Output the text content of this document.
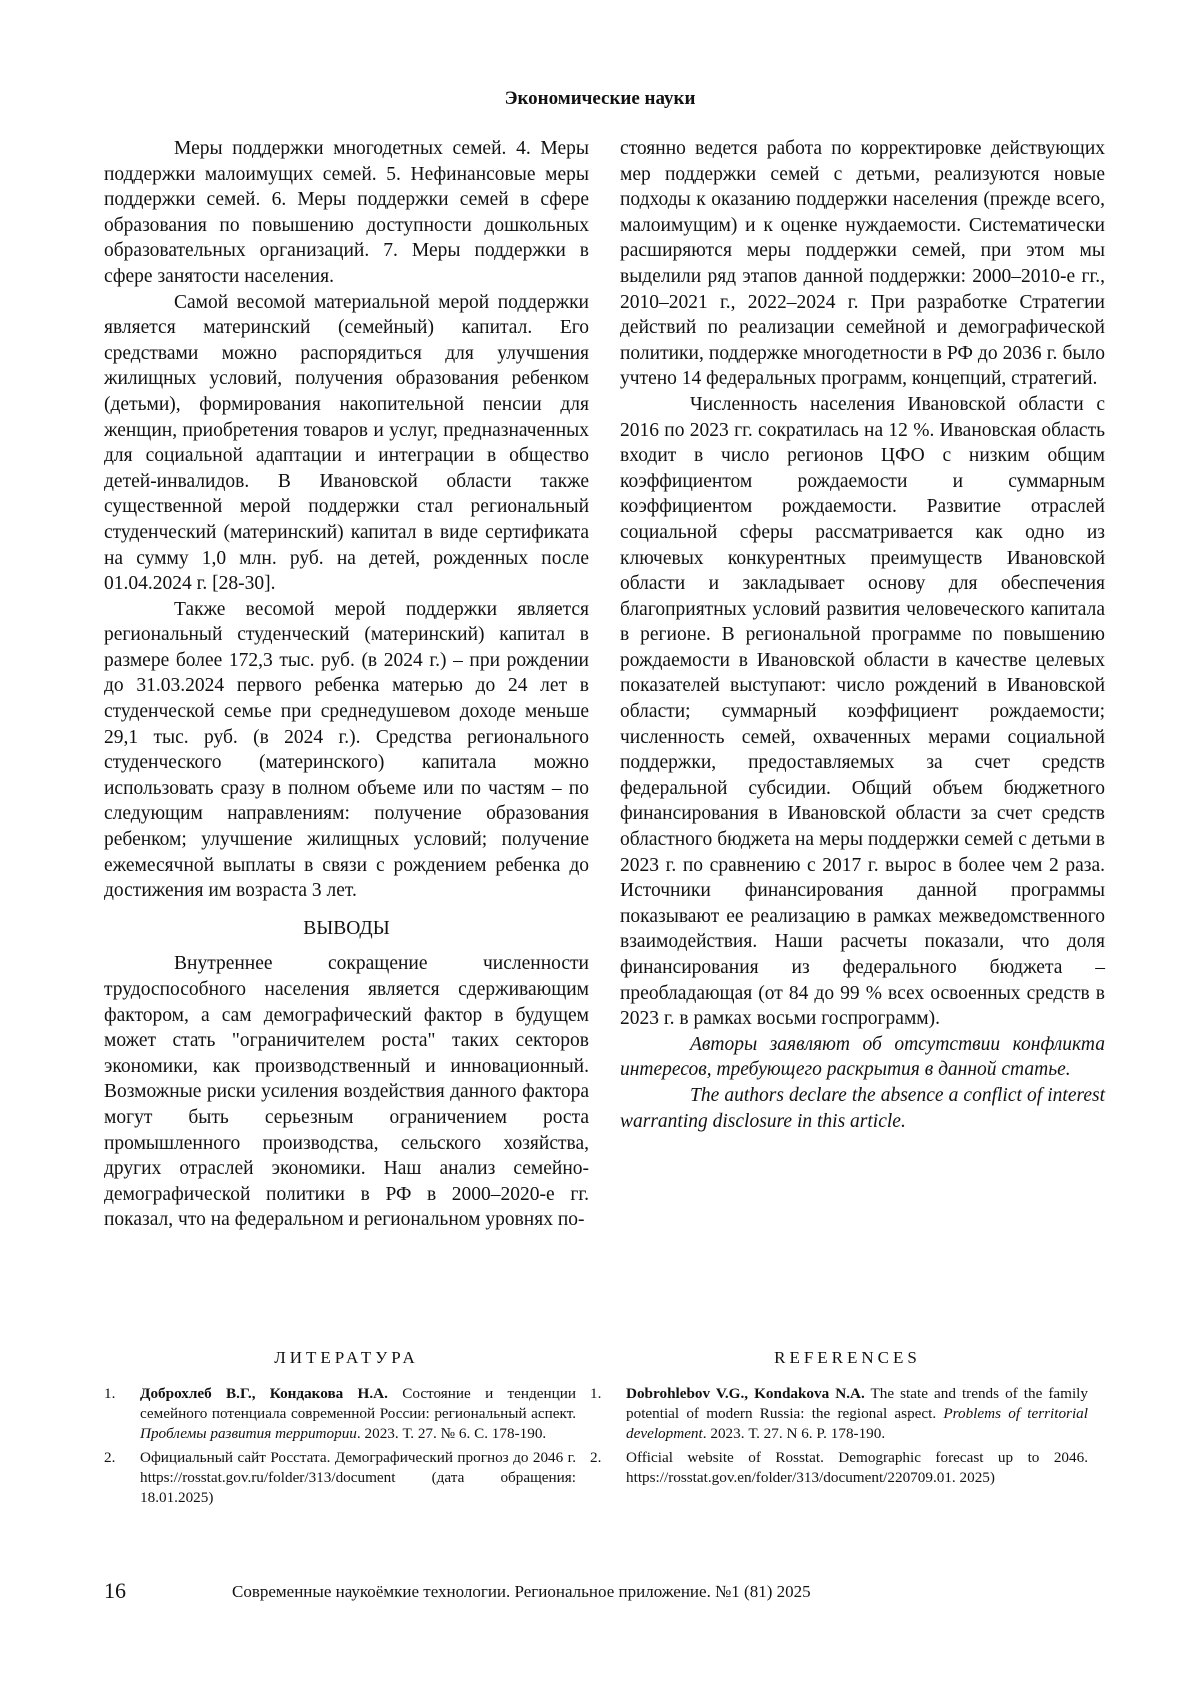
Экономические науки

Меры поддержки многодетных семей. 4. Меры поддержки малоимущих семей. 5. Нефинансовые меры поддержки семей. 6. Меры поддержки семей в сфере образования по повышению доступности дошкольных образовательных организаций. 7. Меры поддержки в сфере занятости населения.

Самой весомой материальной мерой поддержки является материнский (семейный) капитал. Его средствами можно распорядиться для улучшения жилищных условий, получения образования ребенком (детьми), формирования накопительной пенсии для женщин, приобретения товаров и услуг, предназначенных для социальной адаптации и интеграции в общество детей-инвалидов. В Ивановской области также существенной мерой поддержки стал региональный студенческий (материнский) капитал в виде сертификата на сумму 1,0 млн. руб. на детей, рожденных после 01.04.2024 г. [28-30].

Также весомой мерой поддержки является региональный студенческий (материнский) капитал в размере более 172,3 тыс. руб. (в 2024 г.) – при рождении до 31.03.2024 первого ребенка матерью до 24 лет в студенческой семье при среднедушевом доходе меньше 29,1 тыс. руб. (в 2024 г.). Средства регионального студенческого (материнского) капитала можно использовать сразу в полном объеме или по частям – по следующим направлениям: получение образования ребенком; улучшение жилищных условий; получение ежемесячной выплаты в связи с рождением ребенка до достижения им возраста 3 лет.

ВЫВОДЫ

Внутреннее сокращение численности трудоспособного населения является сдерживающим фактором, а сам демографический фактор в будущем может стать "ограничителем роста" таких секторов экономики, как производственный и инновационный. Возможные риски усиления воздействия данного фактора могут быть серьезным ограничением роста промышленного производства, сельского хозяйства, других отраслей экономики. Наш анализ семейно-демографической политики в РФ в 2000–2020-е гг. показал, что на федеральном и региональном уровнях по-

стоянно ведется работа по корректировке действующих мер поддержки семей с детьми, реализуются новые подходы к оказанию поддержки населения (прежде всего, малоимущим) и к оценке нуждаемости. Систематически расширяются меры поддержки семей, при этом мы выделили ряд этапов данной поддержки: 2000–2010-е гг., 2010–2021 г., 2022–2024 г. При разработке Стратегии действий по реализации семейной и демографической политики, поддержке многодетности в РФ до 2036 г. было учтено 14 федеральных программ, концепций, стратегий.

Численность населения Ивановской области с 2016 по 2023 гг. сократилась на 12 %. Ивановская область входит в число регионов ЦФО с низким общим коэффициентом рождаемости и суммарным коэффициентом рождаемости. Развитие отраслей социальной сферы рассматривается как одно из ключевых конкурентных преимуществ Ивановской области и закладывает основу для обеспечения благоприятных условий развития человеческого капитала в регионе. В региональной программе по повышению рождаемости в Ивановской области в качестве целевых показателей выступают: число рождений в Ивановской области; суммарный коэффициент рождаемости; численность семей, охваченных мерами социальной поддержки, предоставляемых за счет средств федеральной субсидии. Общий объем бюджетного финансирования в Ивановской области за счет средств областного бюджета на меры поддержки семей с детьми в 2023 г. по сравнению с 2017 г. вырос в более чем 2 раза. Источники финансирования данной программы показывают ее реализацию в рамках межведомственного взаимодействия. Наши расчеты показали, что доля финансирования из федерального бюджета – преобладающая (от 84 до 99 % всех освоенных средств в 2023 г. в рамках восьми госпрограмм).

Авторы заявляют об отсутствии конфликта интересов, требующего раскрытия в данной статье.

The authors declare the absence a conflict of interest warranting disclosure in this article.

ЛИТЕРАТУРА	REFERENCES
1. Доброхлеб В.Г., Кондакова Н.А. Состояние и тенденции семейного потенциала современной России: региональный аспект. Проблемы развития территории. 2023. Т. 27. № 6. С. 178-190.
2. Официальный сайт Росстата. Демографический прогноз до 2046 г. https://rosstat.gov.ru/folder/313/document (дата обращения: 18.01.2025)
1. Dobrohlebov V.G., Kondakova N.A. The state and trends of the family potential of modern Russia: the regional aspect. Problems of territorial development. 2023. Т. 27. N 6. P. 178-190.
2. Official website of Rosstat. Demographic forecast up to 2046. https://rosstat.gov.en/folder/313/document/220709.01. 2025)
16	Современные наукоёмкие технологии. Региональное приложение. №1 (81) 2025
